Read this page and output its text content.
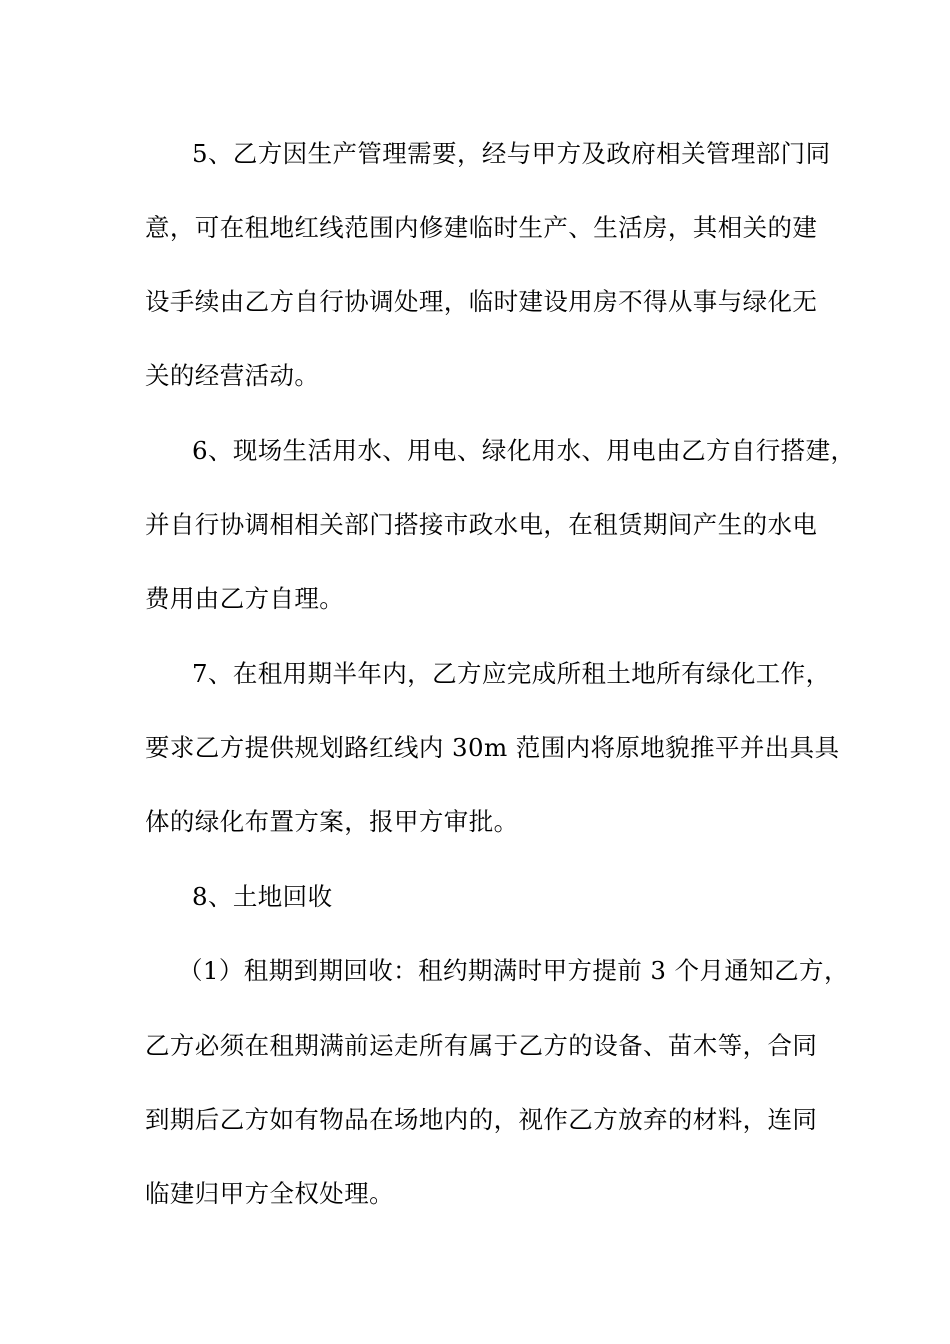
5、乙方因生产管理需要，经与甲方及政府相关管理部门同
意，可在租地红线范围内修建临时生产、生活房，其相关的建
设手续由乙方自行协调处理，临时建设用房不得从事与绿化无
关的经营活动。
6、现场生活用水、用电、绿化用水、用电由乙方自行搭建，
并自行协调相相关部门搭接市政水电，在租赁期间产生的水电
费用由乙方自理。
7、在租用期半年内，乙方应完成所租土地所有绿化工作，
要求乙方提供规划路红线内 30m 范围内将原地貌推平并出具具
体的绿化布置方案，报甲方审批。
8、土地回收
（1）租期到期回收：租约期满时甲方提前 3 个月通知乙方，
乙方必须在租期满前运走所有属于乙方的设备、苗木等，合同
到期后乙方如有物品在场地内的，视作乙方放弃的材料，连同
临建归甲方全权处理。
